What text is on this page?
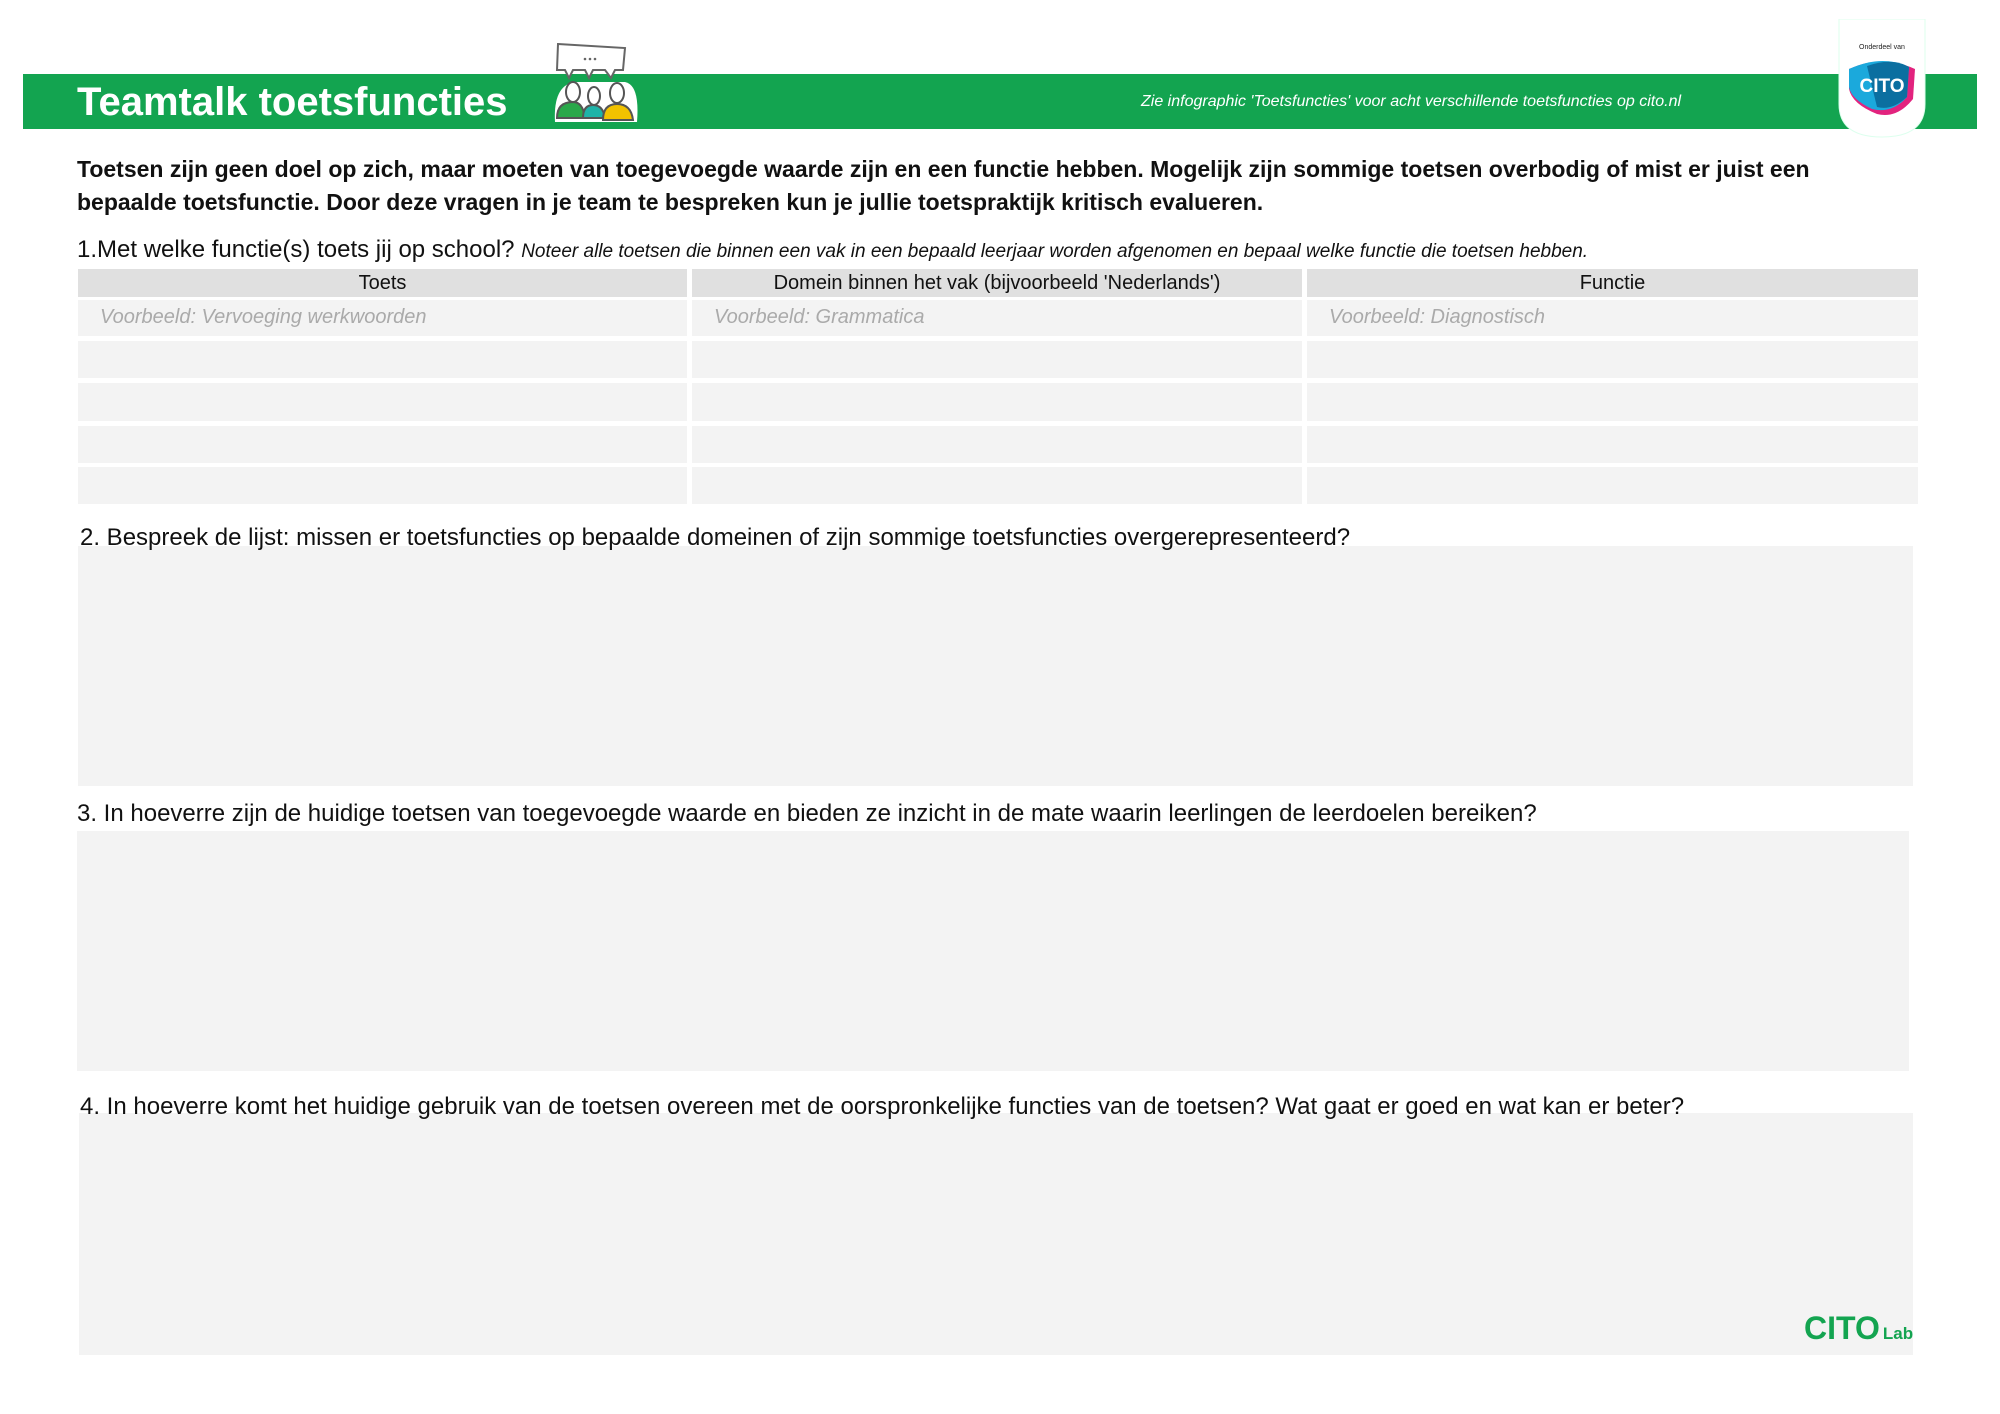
Teamtalk toetsfuncties	Zie infographic 'Toetsfuncties' voor acht verschillende toetsfuncties op cito.nl
CITO
Onderdeel van
Toetsen zijn geen doel op zich, maar moeten van toegevoegde waarde zijn en een functie hebben. Mogelijk zijn sommige toetsen overbodig of mist er juist een bepaalde toetsfunctie. Door deze vragen in je team te bespreken kun je jullie toetspraktijk kritisch evalueren.
1.Met welke functie(s) toets jij op school? Noteer alle toetsen die binnen een vak in een bepaald leerjaar worden afgenomen en bepaal welke functie die toetsen hebben.
Toets	Domein binnen het vak (bijvoorbeeld 'Nederlands')	Functie
Voorbeeld: Vervoeging werkwoorden	Voorbeeld: Grammatica	Voorbeeld: Diagnostisch
2. Bespreek de lijst: missen er toetsfuncties op bepaalde domeinen of zijn sommige toetsfuncties overgerepresenteerd?
3. In hoeverre zijn de huidige toetsen van toegevoegde waarde en bieden ze inzicht in de mate waarin leerlingen de leerdoelen bereiken?
4. In hoeverre komt het huidige gebruik van de toetsen overeen met de oorspronkelijke functies van de toetsen? Wat gaat er goed en wat kan er beter?
CITO Lab
